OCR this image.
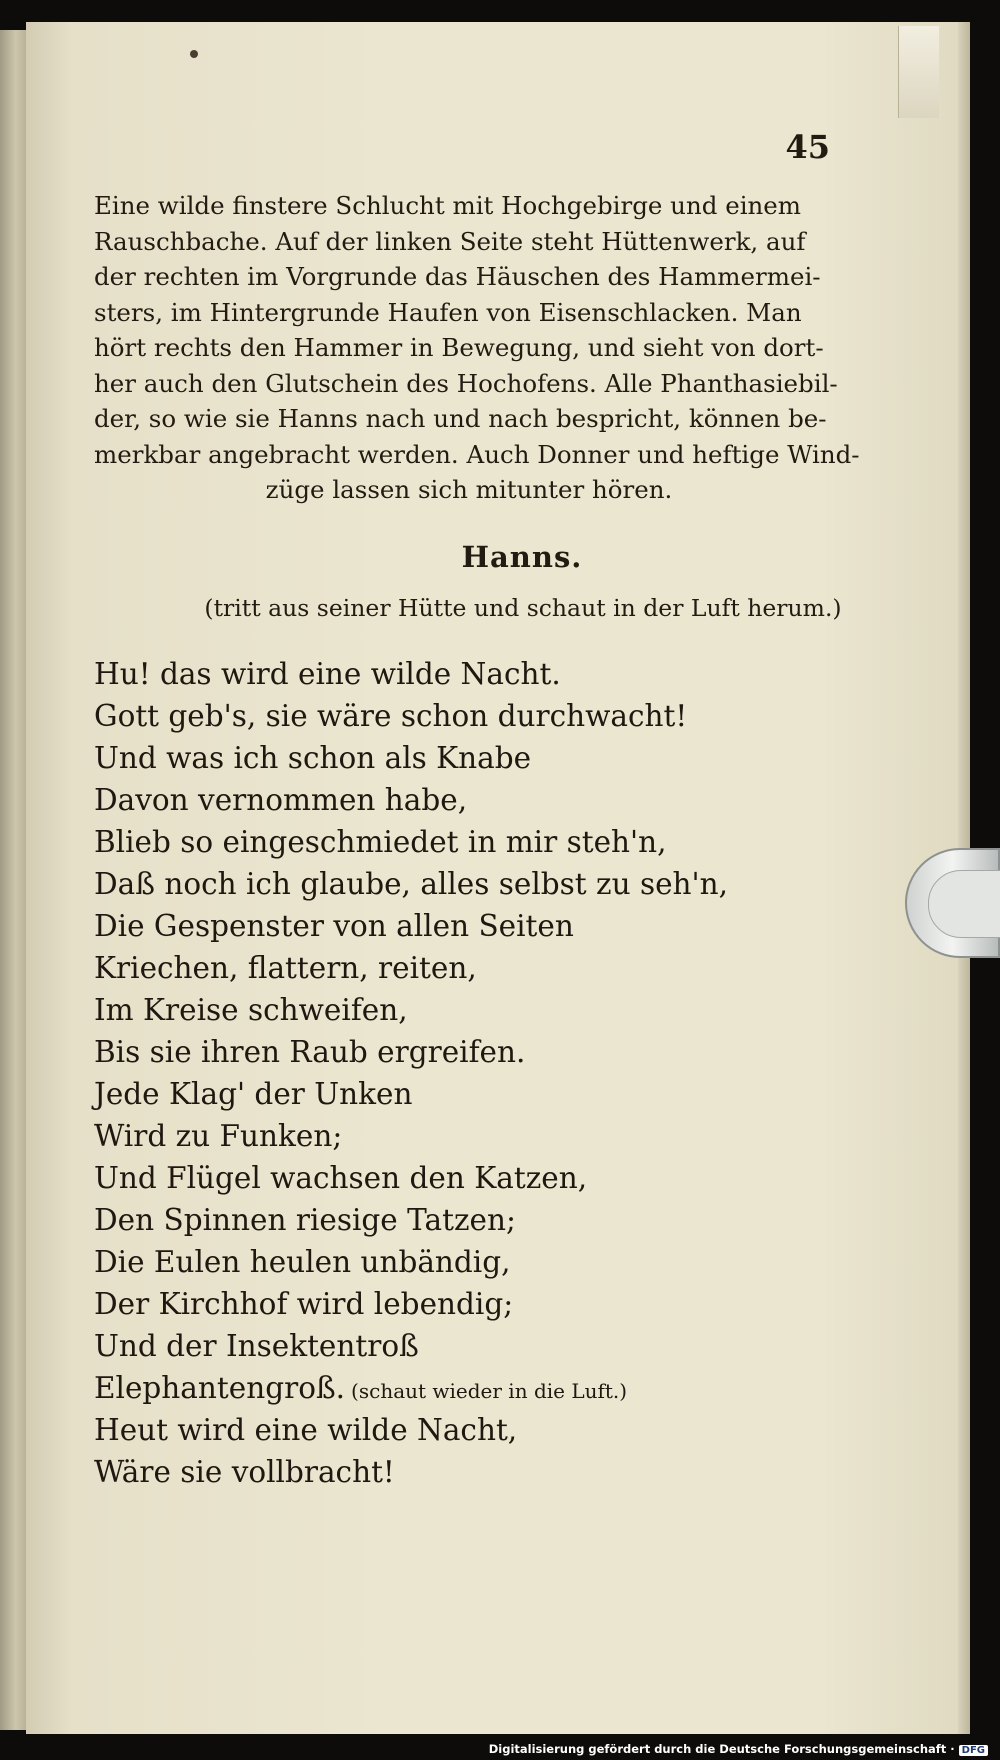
45
Eine wilde finstere Schlucht mit Hochgebirge und einem
Rauschbache. Auf der linken Seite steht Hüttenwerk, auf
der rechten im Vorgrunde das Häuschen des Hammermei-
sters, im Hintergrunde Haufen von Eisenschlacken. Man
hört rechts den Hammer in Bewegung, und sieht von dort-
her auch den Glutschein des Hochofens. Alle Phanthasiebil-
der, so wie sie Hanns nach und nach bespricht, können be-
merkbar angebracht werden. Auch Donner und heftige Wind-
züge lassen sich mitunter hören.
Hanns.
(tritt aus seiner Hütte und schaut in der Luft herum.)
Hu! das wird eine wilde Nacht.
Gott geb's, sie wäre schon durchwacht!
Und was ich schon als Knabe
Davon vernommen habe,
Blieb so eingeschmiedet in mir steh'n,
Daß noch ich glaube, alles selbst zu seh'n,
Die Gespenster von allen Seiten
Kriechen, flattern, reiten,
Im Kreise schweifen,
Bis sie ihren Raub ergreifen.
Jede Klag' der Unken
Wird zu Funken;
Und Flügel wachsen den Katzen,
Den Spinnen riesige Tatzen;
Die Eulen heulen unbändig,
Der Kirchhof wird lebendig;
Und der Insektentroß
Elephantengroß. (schaut wieder in die Luft.)
Heut wird eine wilde Nacht,
Wäre sie vollbracht!
Digitalisierung gefördert durch die Deutsche Forschungsgemeinschaft · DFG
